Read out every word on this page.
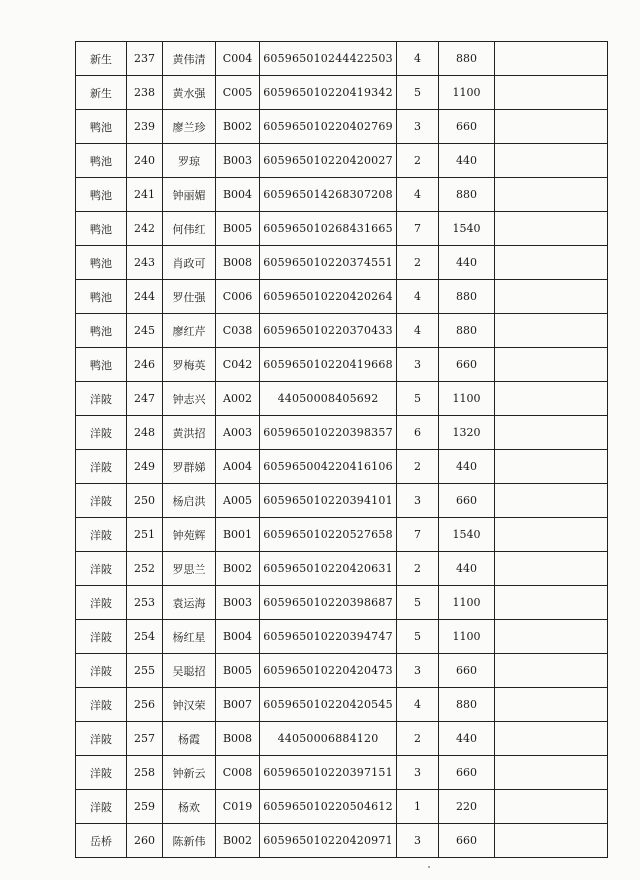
新生	237	黄伟清	C004	605965010244422503	4	880	
新生	238	黄水强	C005	605965010220419342	5	1100	
鸭池	239	廖兰珍	B002	605965010220402769	3	660	
鸭池	240	罗琼	B003	605965010220420027	2	440	
鸭池	241	钟丽媚	B004	605965014268307208	4	880	
鸭池	242	何伟红	B005	605965010268431665	7	1540	
鸭池	243	肖政可	B008	605965010220374551	2	440	
鸭池	244	罗仕强	C006	605965010220420264	4	880	
鸭池	245	廖红芹	C038	605965010220370433	4	880	
鸭池	246	罗梅英	C042	605965010220419668	3	660	
洋陂	247	钟志兴	A002	44050008405692	5	1100	
洋陂	248	黄洪招	A003	605965010220398357	6	1320	
洋陂	249	罗群娣	A004	605965004220416106	2	440	
洋陂	250	杨启洪	A005	605965010220394101	3	660	
洋陂	251	钟苑辉	B001	605965010220527658	7	1540	
洋陂	252	罗思兰	B002	605965010220420631	2	440	
洋陂	253	袁运海	B003	605965010220398687	5	1100	
洋陂	254	杨红星	B004	605965010220394747	5	1100	
洋陂	255	吴聪招	B005	605965010220420473	3	660	
洋陂	256	钟汉荣	B007	605965010220420545	4	880	
洋陂	257	杨霞	B008	44050006884120	2	440	
洋陂	258	钟新云	C008	605965010220397151	3	660	
洋陂	259	杨欢	C019	605965010220504612	1	220	
岳桥	260	陈新伟	B002	605965010220420971	3	660	
